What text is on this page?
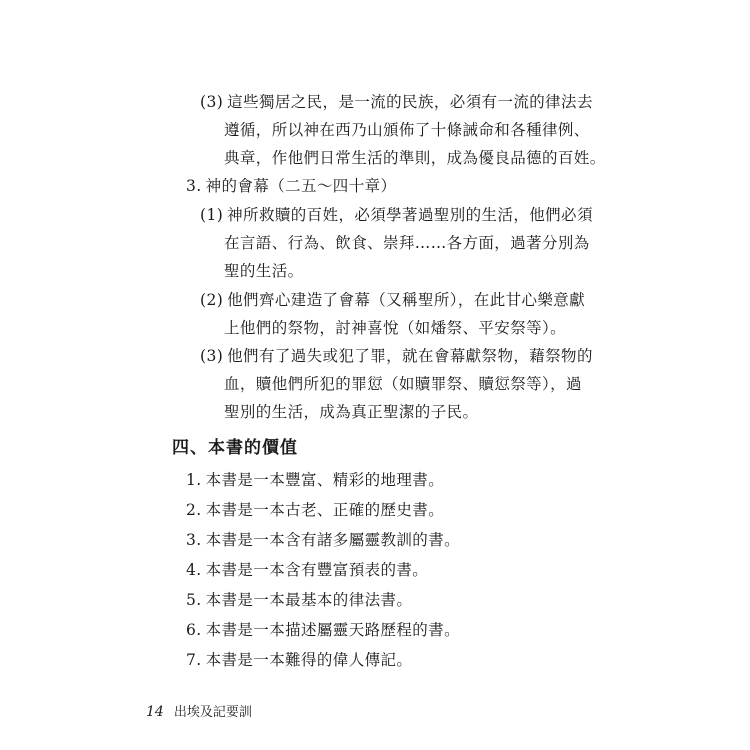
(3) 這些獨居之民，是一流的民族，必須有一流的律法去
遵循，所以神在西乃山頒佈了十條誡命和各種律例、
典章，作他們日常生活的準則，成為優良品德的百姓。
3. 神的會幕（二五～四十章）
(1) 神所救贖的百姓，必須學著過聖別的生活，他們必須
在言語、行為、飲食、崇拜……各方面，過著分別為
聖的生活。
(2) 他們齊心建造了會幕（又稱聖所），在此甘心樂意獻
上他們的祭物，討神喜悅（如燔祭、平安祭等）。
(3) 他們有了過失或犯了罪，就在會幕獻祭物，藉祭物的
血，贖他們所犯的罪愆（如贖罪祭、贖愆祭等），過
聖別的生活，成為真正聖潔的子民。
四、本書的價值
1. 本書是一本豐富、精彩的地理書。
2. 本書是一本古老、正確的歷史書。
3. 本書是一本含有諸多屬靈教訓的書。
4. 本書是一本含有豐富預表的書。
5. 本書是一本最基本的律法書。
6. 本書是一本描述屬靈天路歷程的書。
7. 本書是一本難得的偉人傳記。
14 出埃及記要訓
